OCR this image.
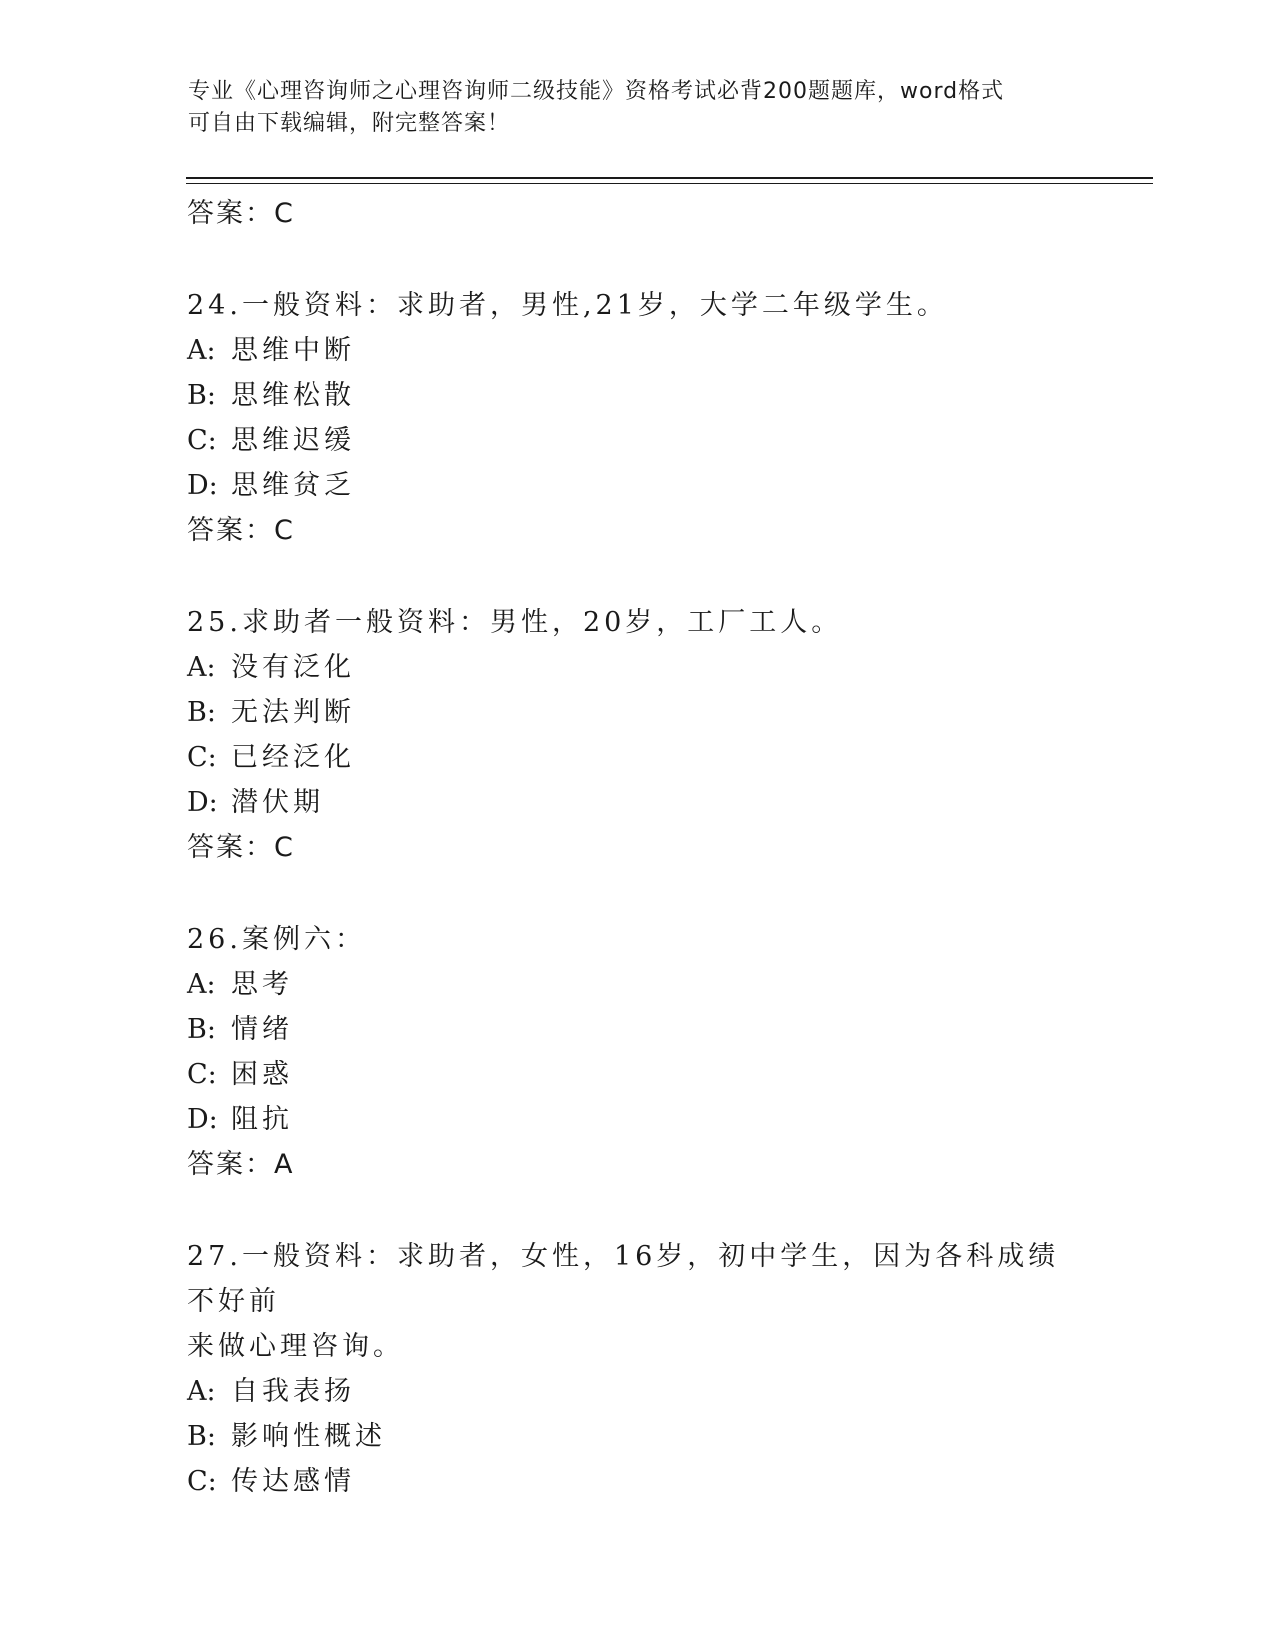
专业《心理咨询师之心理咨询师二级技能》资格考试必背200题题库，word格式
可自由下载编辑，附完整答案！
答案：C
24.一般资料：求助者，男性,21岁，大学二年级学生。
A: 思维中断
B: 思维松散
C: 思维迟缓
D: 思维贫乏
答案：C
25.求助者一般资料：男性，20岁，工厂工人。
A: 没有泛化
B: 无法判断
C: 已经泛化
D: 潜伏期
答案：C
26.案例六：
A: 思考
B: 情绪
C: 困惑
D: 阻抗
答案：A
27.一般资料：求助者，女性，16岁，初中学生，因为各科成绩不好前
来做心理咨询。
A: 自我表扬
B: 影响性概述
C: 传达感情
